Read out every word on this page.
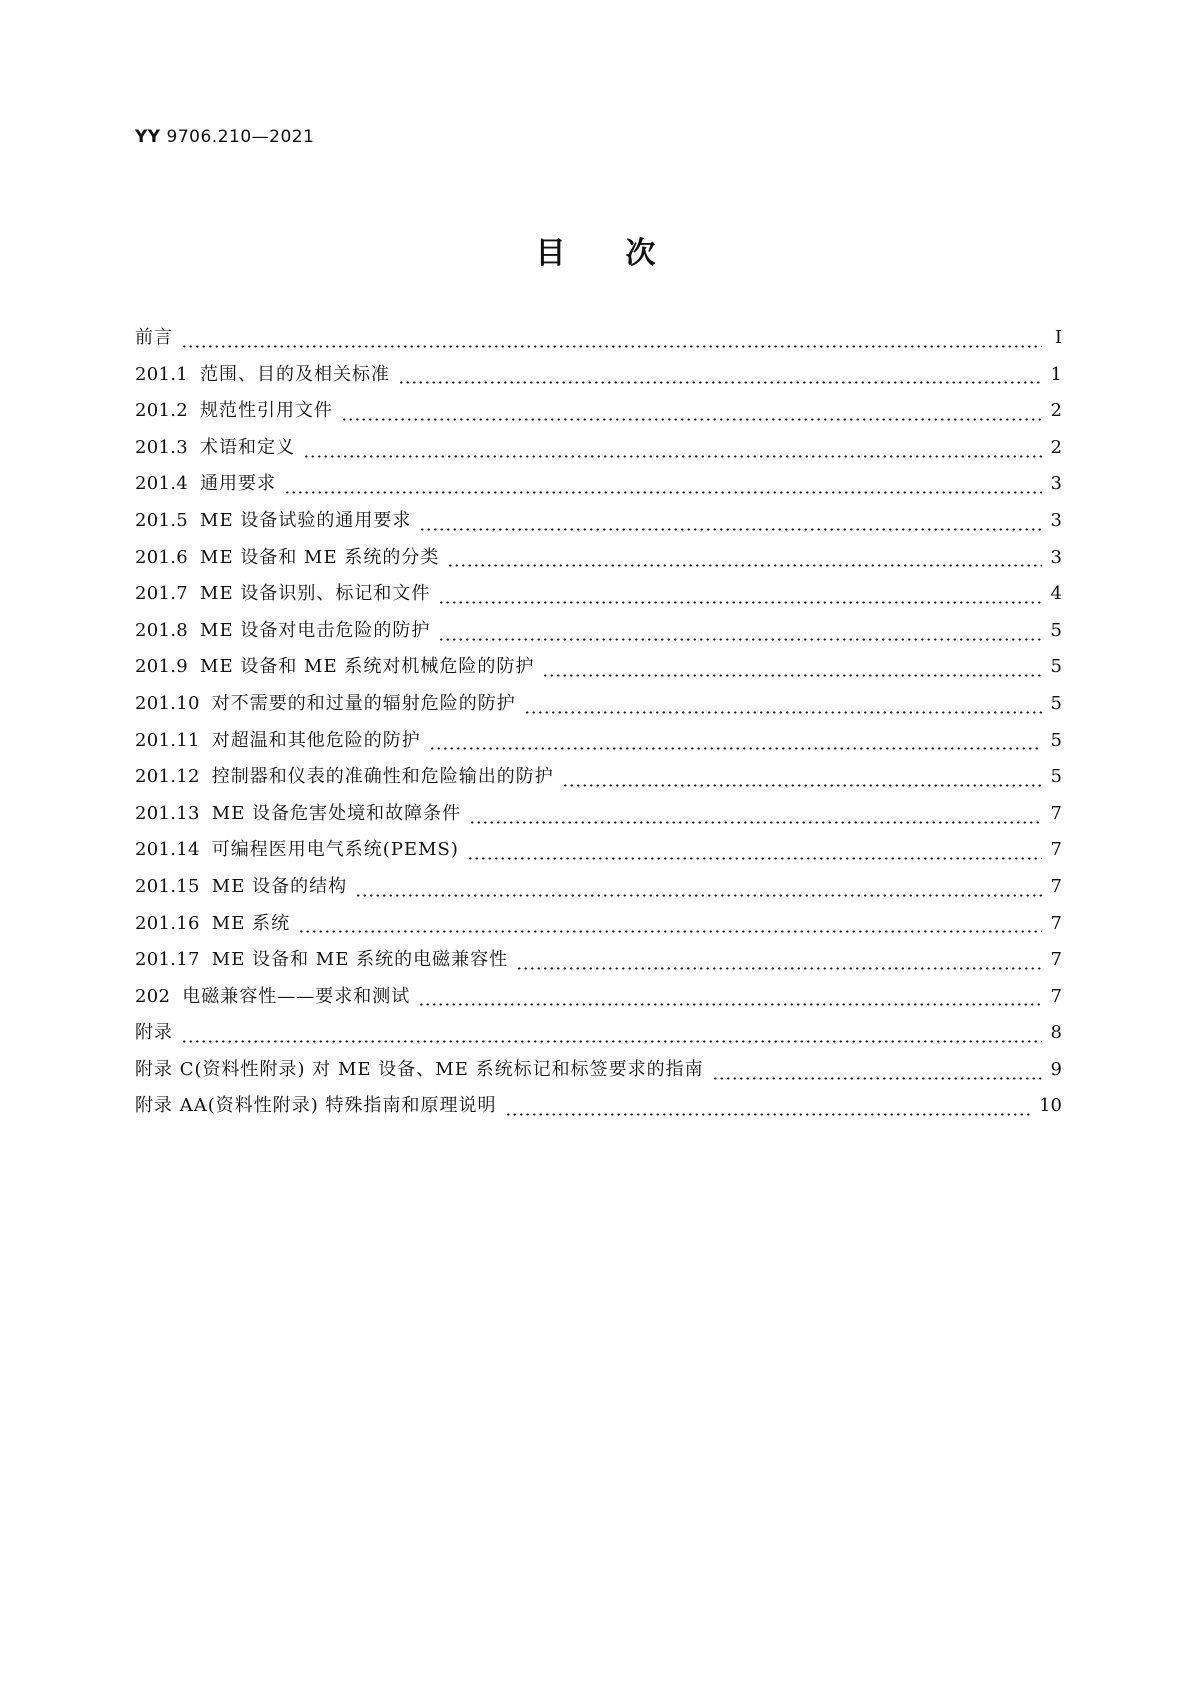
YY 9706.210—2021
目次
前言	Ⅰ
201.1 范围、目的及相关标准	1
201.2 规范性引用文件	2
201.3 术语和定义	2
201.4 通用要求	3
201.5 ME 设备试验的通用要求	3
201.6 ME 设备和 ME 系统的分类	3
201.7 ME 设备识别、标记和文件	4
201.8 ME 设备对电击危险的防护	5
201.9 ME 设备和 ME 系统对机械危险的防护	5
201.10 对不需要的和过量的辐射危险的防护	5
201.11 对超温和其他危险的防护	5
201.12 控制器和仪表的准确性和危险输出的防护	5
201.13 ME 设备危害处境和故障条件	7
201.14 可编程医用电气系统(PEMS)	7
201.15 ME 设备的结构	7
201.16 ME 系统	7
201.17 ME 设备和 ME 系统的电磁兼容性	7
202 电磁兼容性——要求和测试	7
附录	8
附录 C(资料性附录) 对 ME 设备、ME 系统标记和标签要求的指南	9
附录 AA(资料性附录) 特殊指南和原理说明	10
